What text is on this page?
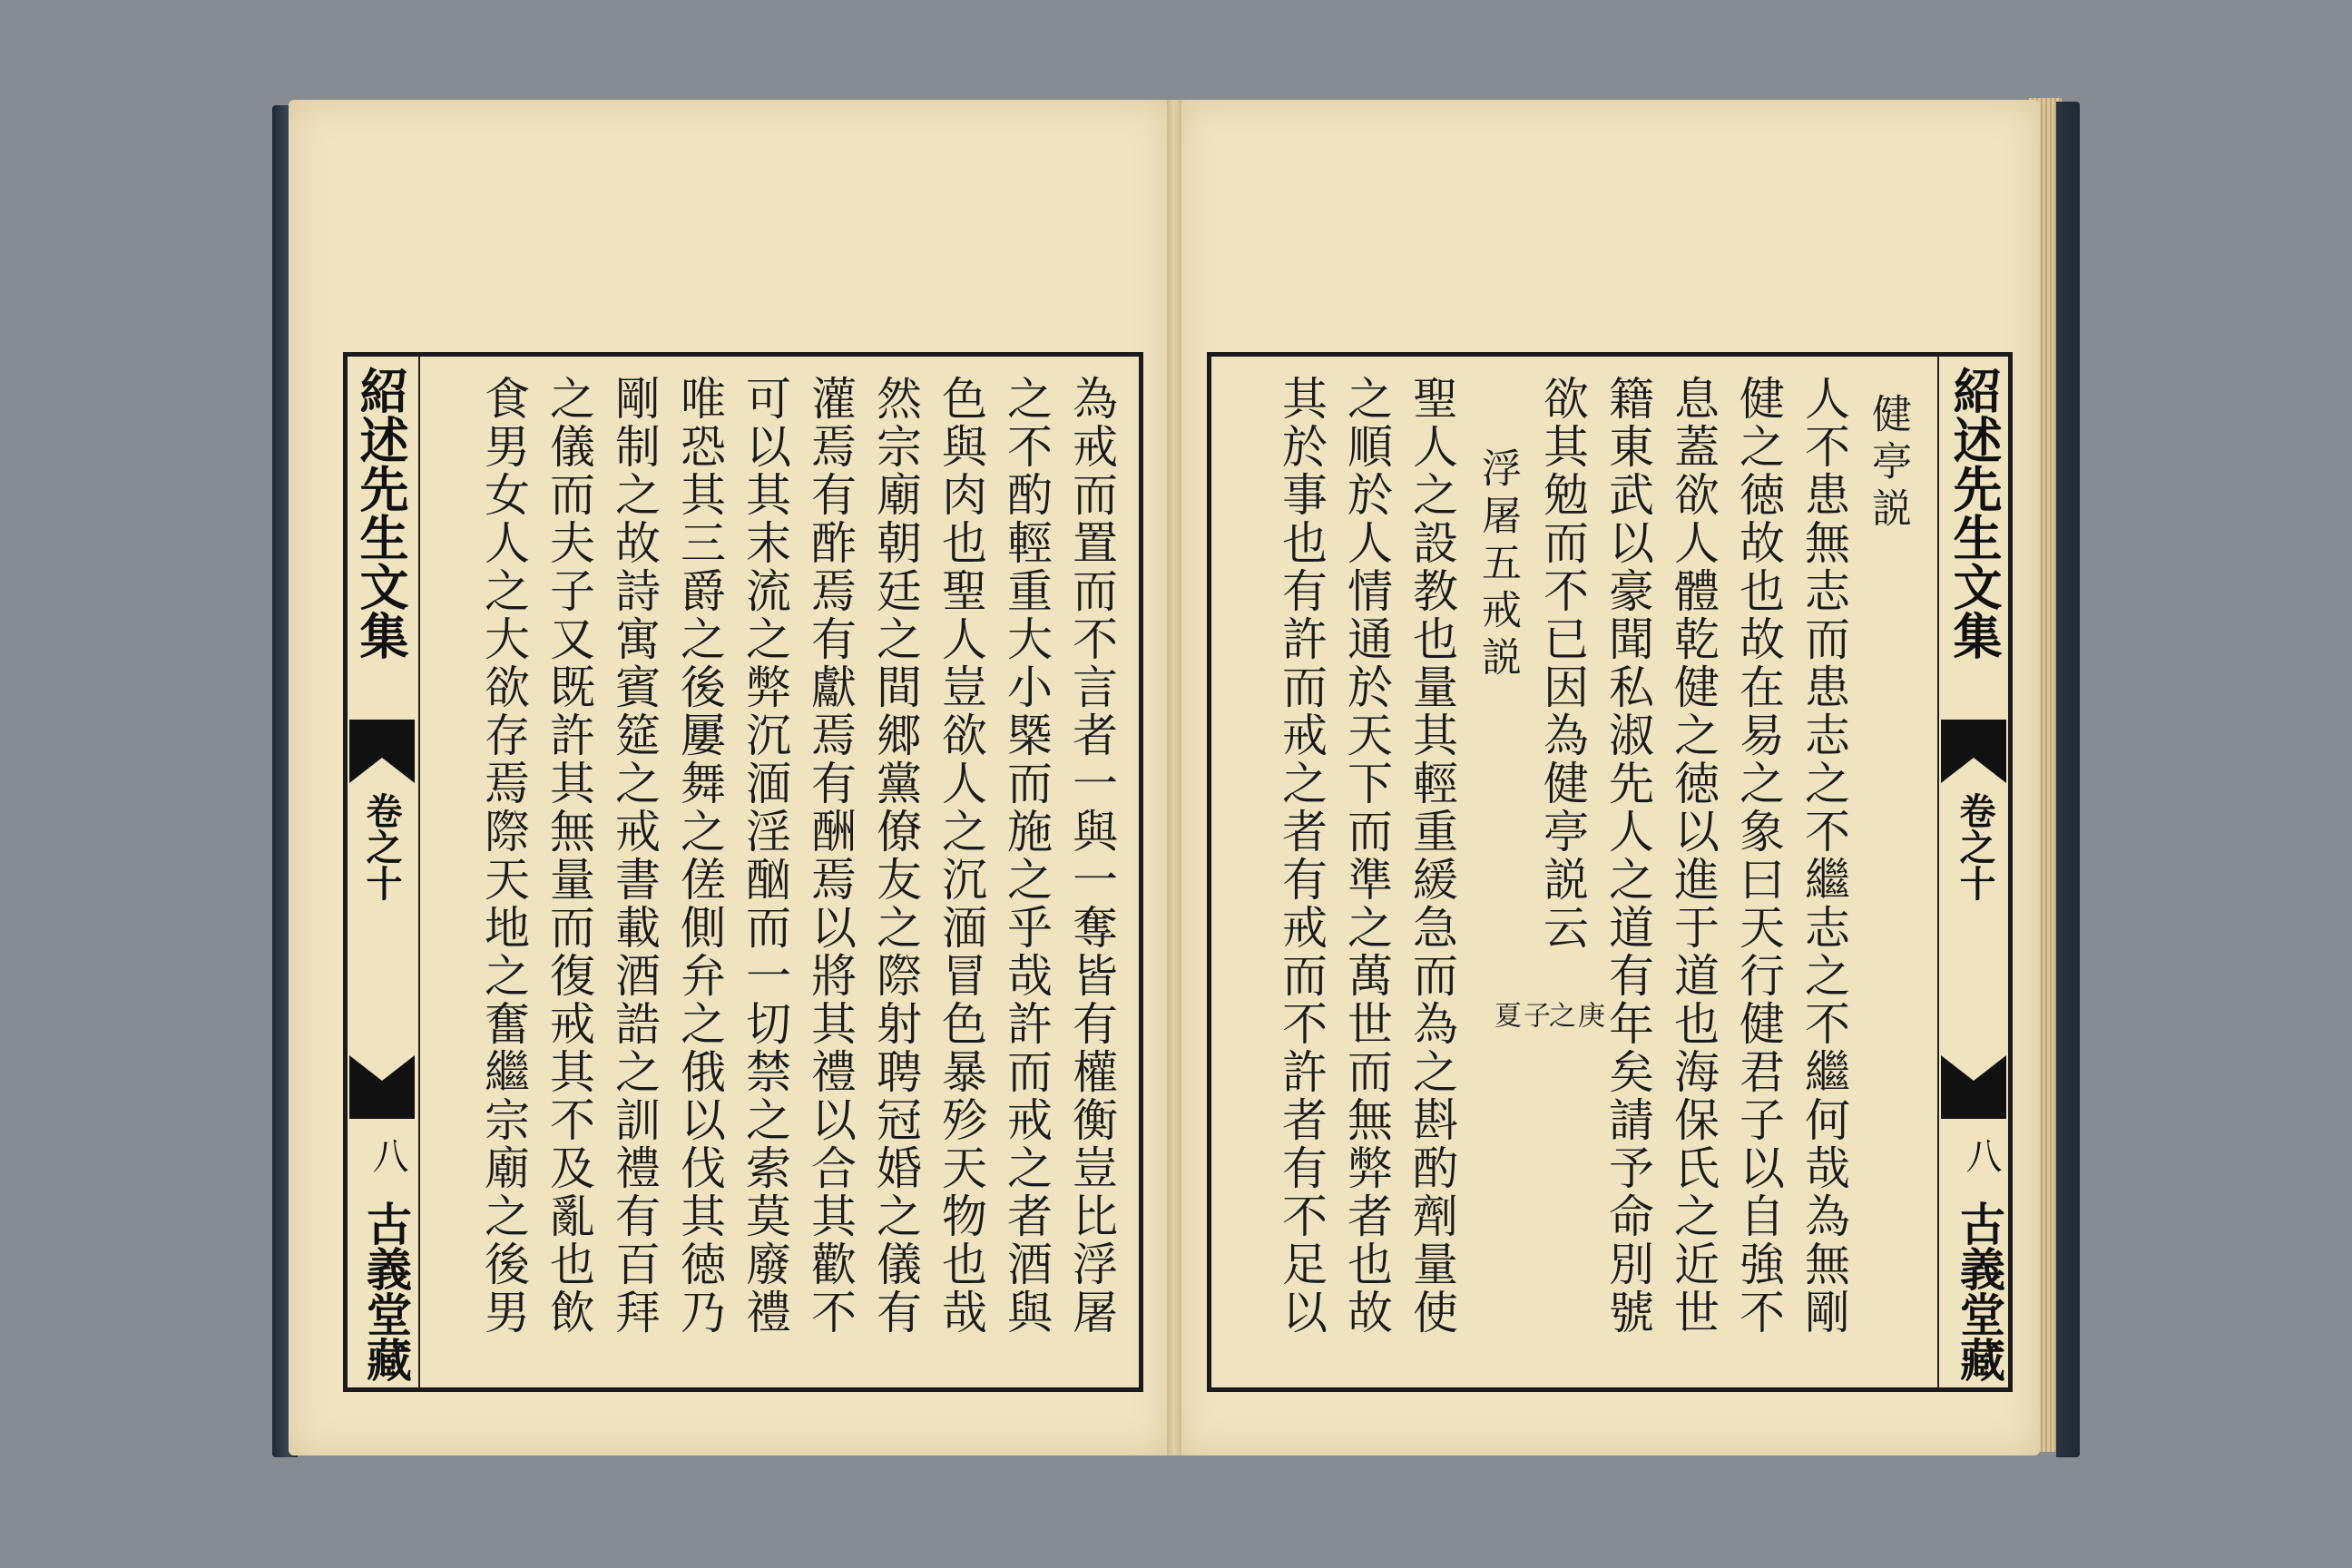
紹述先生文集
卷之十
八
古義堂藏
健亭説
人不患無志而患志之不繼志之不繼何哉為無剛
健之徳故也故在易之象曰天行健君子以自強不
息蓋欲人體乾健之徳以進于道也海保氏之近世
籍東武以豪聞私淑先人之道有年矣請予命別號
欲其勉而不已因為健亭説云
庚子
之夏
浮屠五戒説
聖人之設教也量其輕重緩急而為之斟酌劑量使
之順於人情通於天下而準之萬世而無弊者也故
其於事也有許而戒之者有戒而不許者有不足以
紹述先生文集
卷之十
八
古義堂藏	為戒而置而不言者一與一奪皆有權衡豈比浮屠
之不酌輕重大小槩而施之乎哉許而戒之者酒與
色與肉也聖人豈欲人之沉湎冒色暴殄天物也哉
然宗廟朝廷之間郷黨僚友之際射聘冠婚之儀有
灌焉有酢焉有獻焉有酬焉以將其禮以合其歡不
可以其末流之弊沉湎淫酗而一切禁之索莫廢禮
唯恐其三爵之後屢舞之傞側弁之俄以伐其徳乃
剛制之故詩寓賓筵之戒書載酒誥之訓禮有百拜
之儀而夫子又既許其無量而復戒其不及亂也飲
食男女人之大欲存焉際天地之奮繼宗廟之後男
